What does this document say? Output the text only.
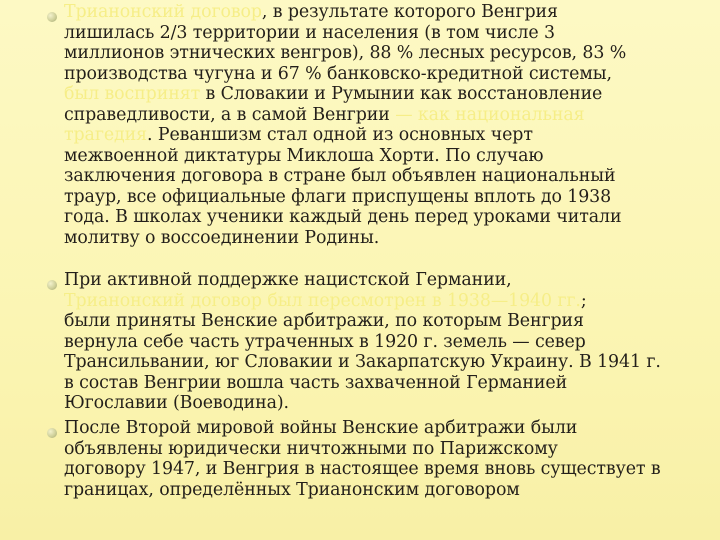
Трианонский договор, в результате которого Венгрия
лишилась 2/3 территории и населения (в том числе 3
миллионов этнических венгров), 88 % лесных ресурсов, 83 %
производства чугуна и 67 % банковско-кредитной системы,
был воспринят в Словакии и Румынии как восстановление
справедливости, а в самой Венгрии — как национальная
трагедия. Реваншизм стал одной из основных черт
межвоенной диктатуры Миклоша Хорти. По случаю
заключения договора в стране был объявлен национальный
траур, все официальные флаги приспущены вплоть до 1938
года. В школах ученики каждый день перед уроками читали
молитву о воссоединении Родины.
При активной поддержке нацистской Германии,
Трианонский договор был пересмотрен в 1938—1940 гг.;
были приняты Венские арбитражи, по которым Венгрия
вернула себе часть утраченных в 1920 г. земель — север
Трансильвании, юг Словакии и Закарпатскую Украину. В 1941 г.
в состав Венгрии вошла часть захваченной Германией
Югославии (Воеводина).
После Второй мировой войны Венские арбитражи были
объявлены юридически ничтожными по Парижскому
договору 1947, и Венгрия в настоящее время вновь существует в
границах, определённых Трианонским договором
